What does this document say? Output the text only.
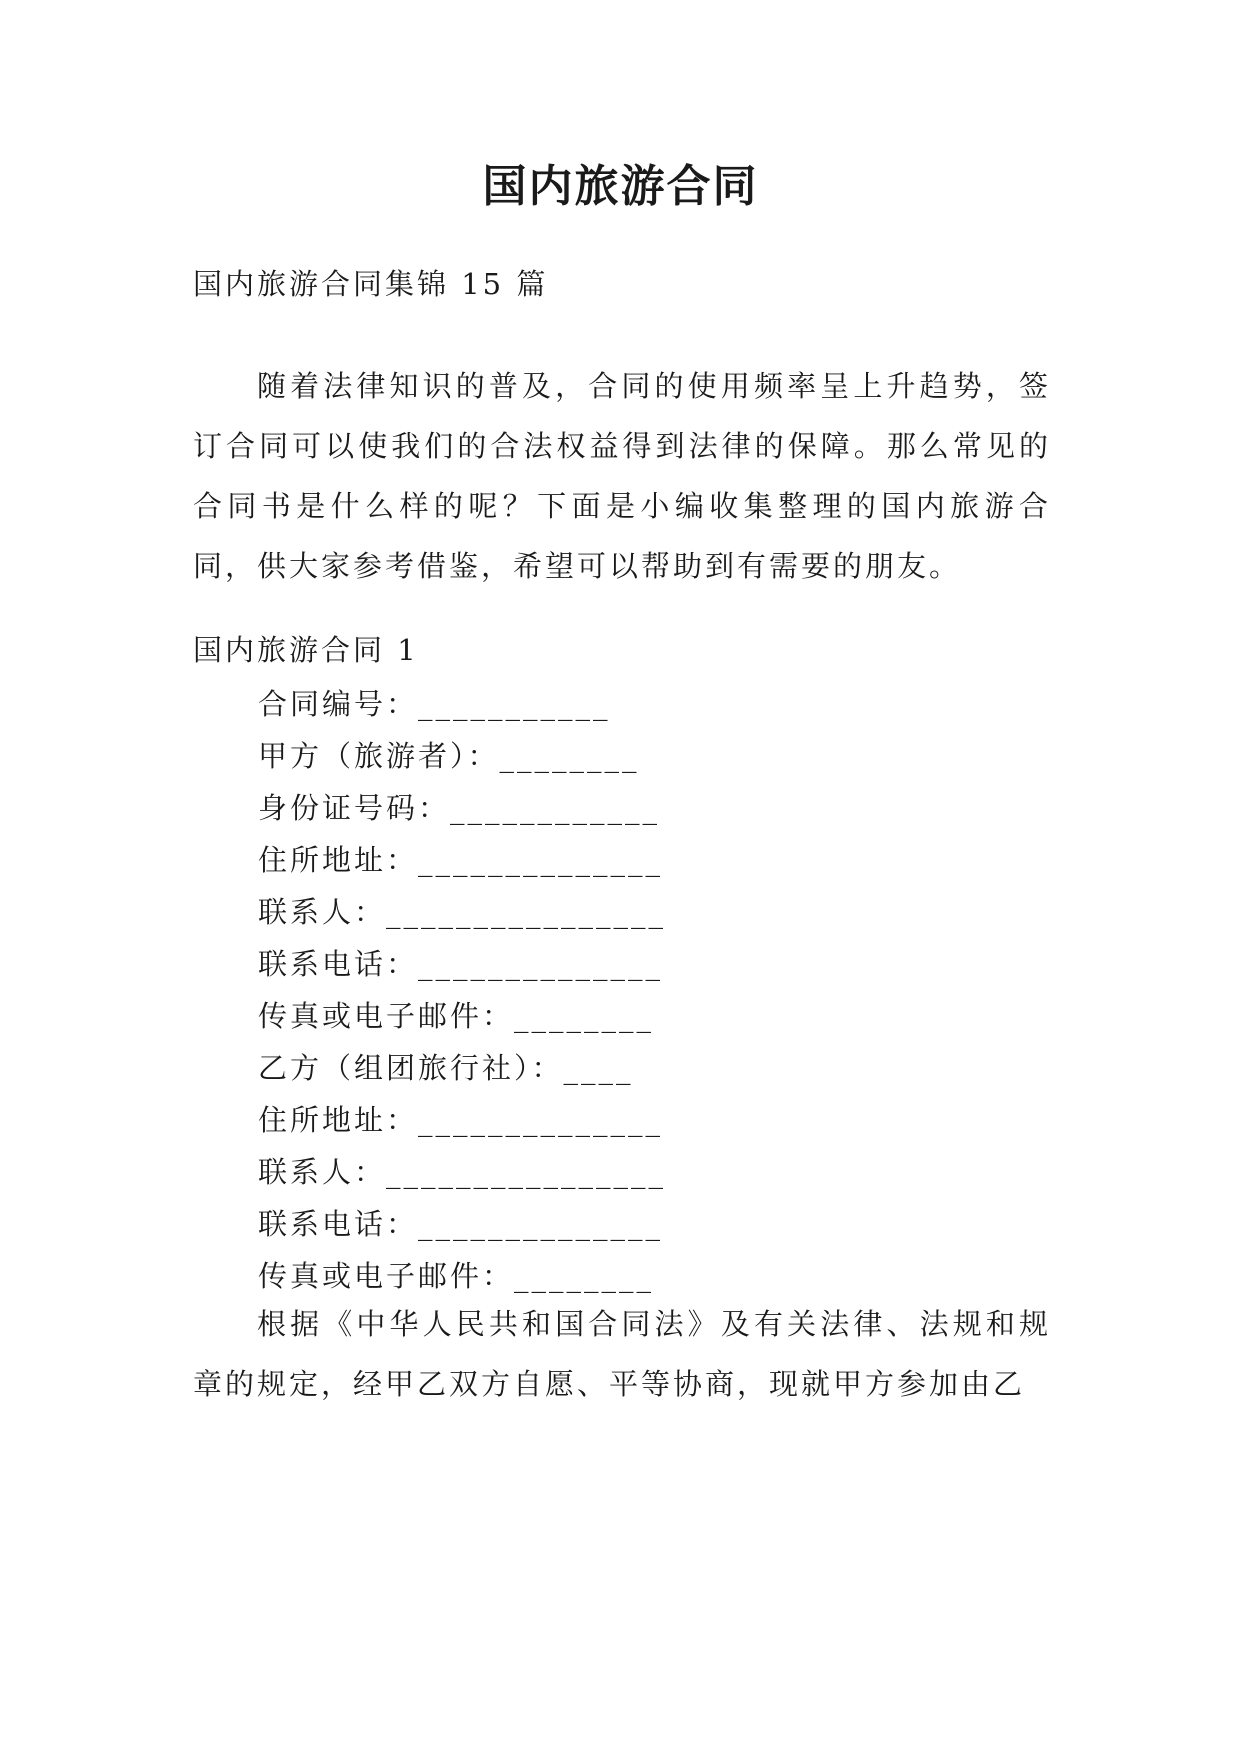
国内旅游合同

国内旅游合同集锦 15 篇

随着法律知识的普及，合同的使用频率呈上升趋势，签订合同可以使我们的合法权益得到法律的保障。那么常见的合同书是什么样的呢？下面是小编收集整理的国内旅游合同，供大家参考借鉴，希望可以帮助到有需要的朋友。

国内旅游合同 1

合同编号：___________

甲方（旅游者）：________

身份证号码：____________

住所地址：______________

联系人：________________

联系电话：______________

传真或电子邮件：________

乙方（组团旅行社）：____

住所地址：______________

联系人：________________

联系电话：______________

传真或电子邮件：________

根据《中华人民共和国合同法》及有关法律、法规和规章的规定，经甲乙双方自愿、平等协商，现就甲方参加由乙
